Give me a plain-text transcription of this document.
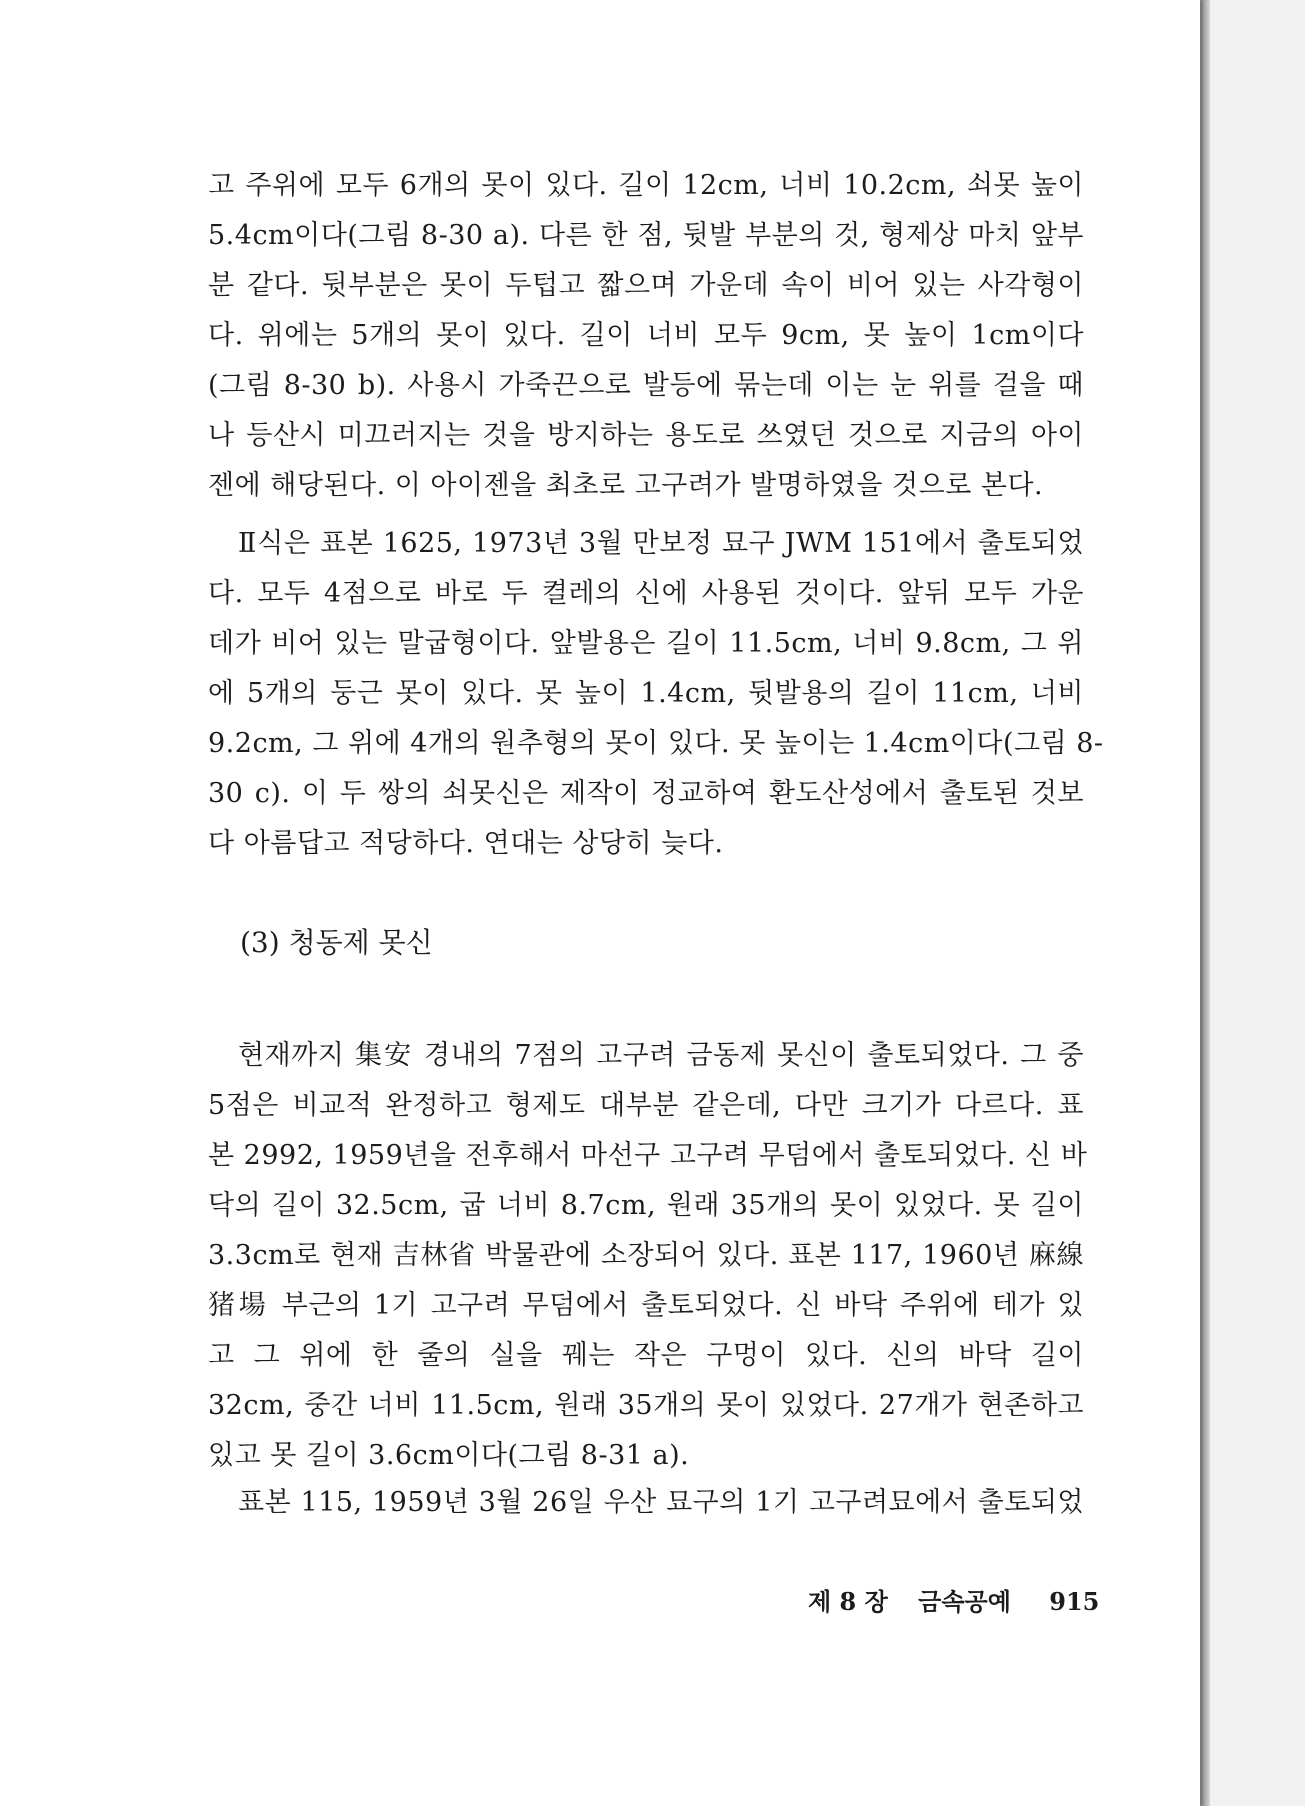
고 주위에 모두 6개의 못이 있다. 길이 12cm, 너비 10.2cm, 쇠못 높이
5.4cm이다(그림 8-30 a). 다른 한 점, 뒷발 부분의 것, 형제상 마치 앞부
분 같다. 뒷부분은 못이 두텁고 짧으며 가운데 속이 비어 있는 사각형이
다. 위에는 5개의 못이 있다. 길이 너비 모두 9cm, 못 높이 1cm이다
(그림 8-30 b). 사용시 가죽끈으로 발등에 묶는데 이는 눈 위를 걸을 때
나 등산시 미끄러지는 것을 방지하는 용도로 쓰였던 것으로 지금의 아이
젠에 해당된다. 이 아이젠을 최초로 고구려가 발명하였을 것으로 본다.
Ⅱ식은 표본 1625, 1973년 3월 만보정 묘구 JWM 151에서 출토되었
다. 모두 4점으로 바로 두 켤레의 신에 사용된 것이다. 앞뒤 모두 가운
데가 비어 있는 말굽형이다. 앞발용은 길이 11.5cm, 너비 9.8cm, 그 위
에 5개의 둥근 못이 있다. 못 높이 1.4cm, 뒷발용의 길이 11cm, 너비
9.2cm, 그 위에 4개의 원추형의 못이 있다. 못 높이는 1.4cm이다(그림 8-
30 c). 이 두 쌍의 쇠못신은 제작이 정교하여 환도산성에서 출토된 것보
다 아름답고 적당하다. 연대는 상당히 늦다.
(3) 청동제 못신
현재까지 集安 경내의 7점의 고구려 금동제 못신이 출토되었다. 그 중
5점은 비교적 완정하고 형제도 대부분 같은데, 다만 크기가 다르다. 표
본 2992, 1959년을 전후해서 마선구 고구려 무덤에서 출토되었다. 신 바
닥의 길이 32.5cm, 굽 너비 8.7cm, 원래 35개의 못이 있었다. 못 길이
3.3cm로 현재 吉林省 박물관에 소장되어 있다. 표본 117, 1960년 麻線
猪場 부근의 1기 고구려 무덤에서 출토되었다. 신 바닥 주위에 테가 있
고 그 위에 한 줄의 실을 꿰는 작은 구멍이 있다. 신의 바닥 길이
32cm, 중간 너비 11.5cm, 원래 35개의 못이 있었다. 27개가 현존하고
있고 못 길이 3.6cm이다(그림 8-31 a).
표본 115, 1959년 3월 26일 우산 묘구의 1기 고구려묘에서 출토되었
제 8 장 금속공예 915
